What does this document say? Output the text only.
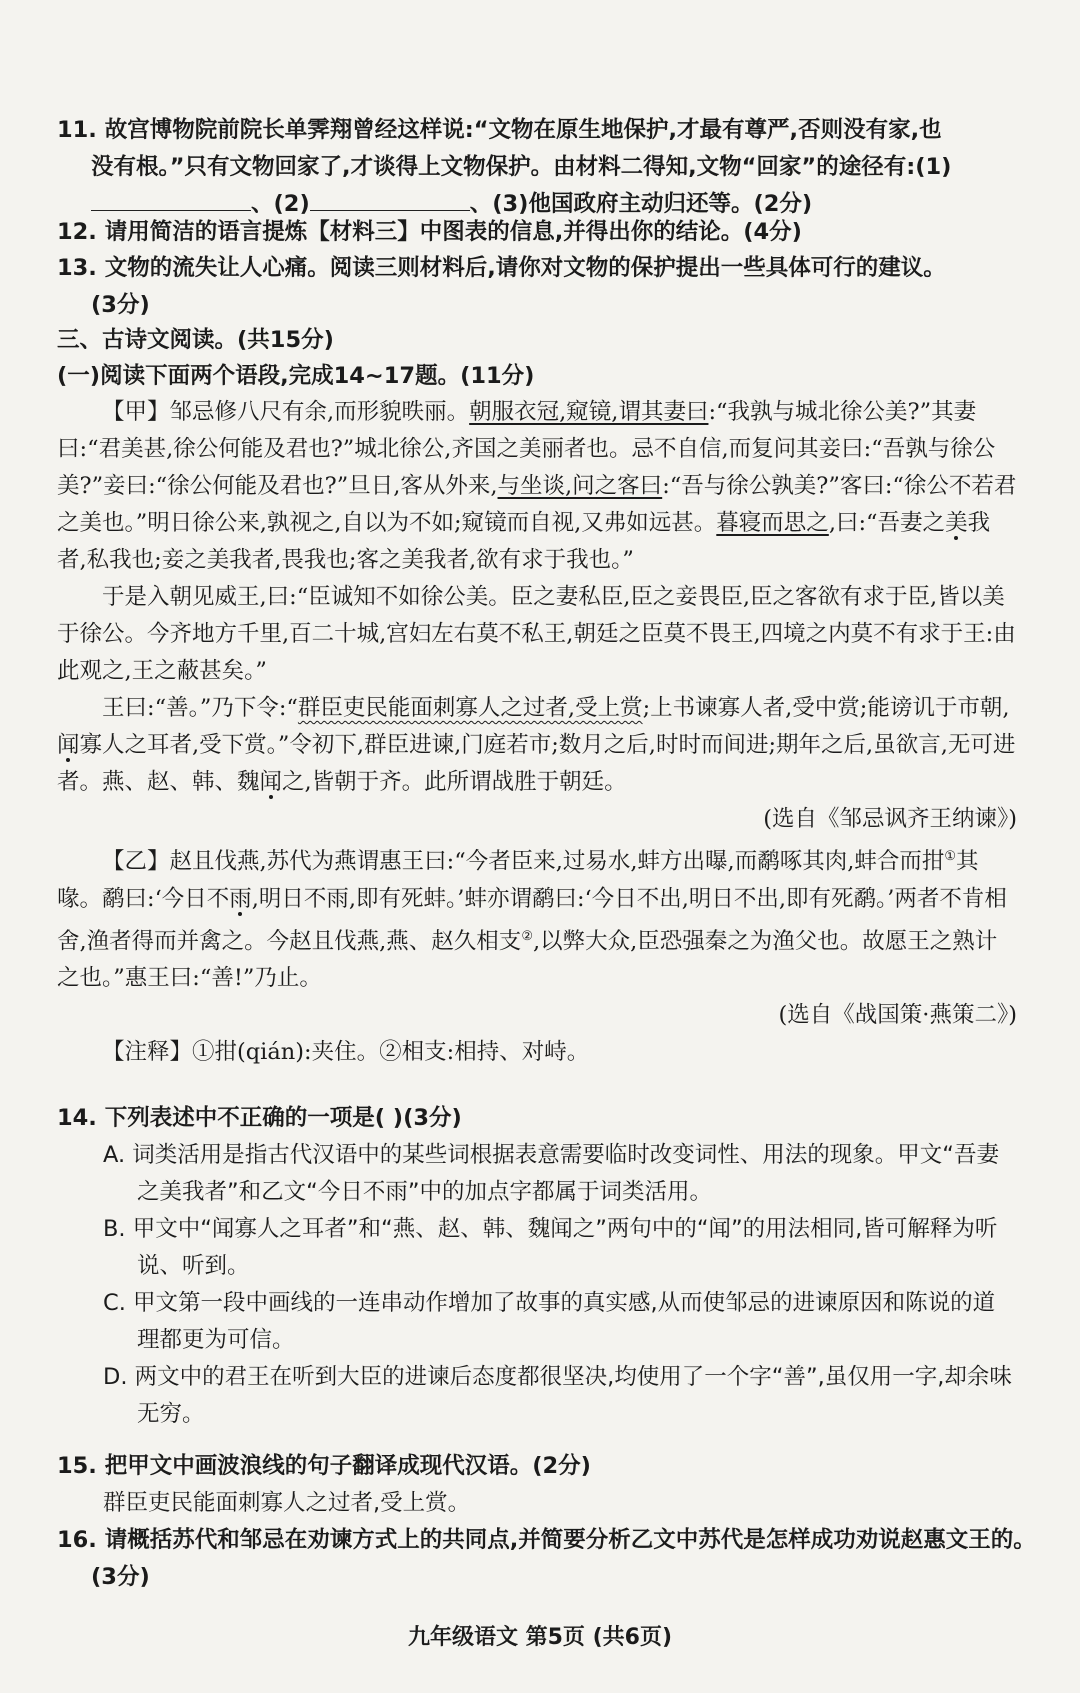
11. 故宫博物院前院长单霁翔曾经这样说:“文物在原生地保护,才最有尊严,否则没有家,也
没有根。”只有文物回家了,才谈得上文物保护。由材料二得知,文物“回家”的途径有:(1)
、(2)	、(3)他国政府主动归还等。(2分)
12. 请用简洁的语言提炼【材料三】中图表的信息,并得出你的结论。(4分)
13. 文物的流失让人心痛。阅读三则材料后,请你对文物的保护提出一些具体可行的建议。
(3分)
三、古诗文阅读。(共15分)
(一)阅读下面两个语段,完成14~17题。(11分)

【甲】邹忌修八尺有余,而形貌昳丽。朝服衣冠,窥镜,谓其妻曰:“我孰与城北徐公美?”其妻曰:“君美甚,徐公何能及君也?”城北徐公,齐国之美丽者也。忌不自信,而复问其妾曰:“吾孰与徐公美?”妾曰:“徐公何能及君也?”旦日,客从外来,与坐谈,问之客曰:“吾与徐公孰美?”客曰:“徐公不若君之美也。”明日徐公来,孰视之,自以为不如;窥镜而自视,又弗如远甚。暮寝而思之,曰:“吾妻之美我者,私我也;妾之美我者,畏我也;客之美我者,欲有求于我也。”

于是入朝见威王,曰:“臣诚知不如徐公美。臣之妻私臣,臣之妾畏臣,臣之客欲有求于臣,皆以美于徐公。今齐地方千里,百二十城,宫妇左右莫不私王,朝廷之臣莫不畏王,四境之内莫不有求于王:由此观之,王之蔽甚矣。”

王曰:“善。”乃下令:“群臣吏民能面刺寡人之过者,受上赏;上书谏寡人者,受中赏;能谤讥于市朝,闻寡人之耳者,受下赏。”令初下,群臣进谏,门庭若市;数月之后,时时而间进;期年之后,虽欲言,无可进者。燕、赵、韩、魏闻之,皆朝于齐。此所谓战胜于朝廷。

(选自《邹忌讽齐王纳谏》)

【乙】赵且伐燕,苏代为燕谓惠王曰:“今者臣来,过易水,蚌方出曝,而鹬啄其肉,蚌合而拑①其喙。鹬曰:‘今日不雨,明日不雨,即有死蚌。’蚌亦谓鹬曰:‘今日不出,明日不出,即有死鹬。’两者不肯相舍,渔者得而并禽之。今赵且伐燕,燕、赵久相支②,以弊大众,臣恐强秦之为渔父也。故愿王之熟计之也。”惠王曰:“善!”乃止。

(选自《战国策·燕策二》)

【注释】①拑(qián):夹住。②相支:相持、对峙。

14. 下列表述中不正确的一项是( )(3分)
A. 词类活用是指古代汉语中的某些词根据表意需要临时改变词性、用法的现象。甲文“吾妻之美我者”和乙文“今日不雨”中的加点字都属于词类活用。
B. 甲文中“闻寡人之耳者”和“燕、赵、韩、魏闻之”两句中的“闻”的用法相同,皆可解释为听说、听到。
C. 甲文第一段中画线的一连串动作增加了故事的真实感,从而使邹忌的进谏原因和陈说的道理都更为可信。
D. 两文中的君王在听到大臣的进谏后态度都很坚决,均使用了一个字“善”,虽仅用一字,却余味无穷。
15. 把甲文中画波浪线的句子翻译成现代汉语。(2分)
群臣吏民能面刺寡人之过者,受上赏。
16. 请概括苏代和邹忌在劝谏方式上的共同点,并简要分析乙文中苏代是怎样成功劝说赵惠文王的。(3分)
九年级语文 第5页 (共6页)
